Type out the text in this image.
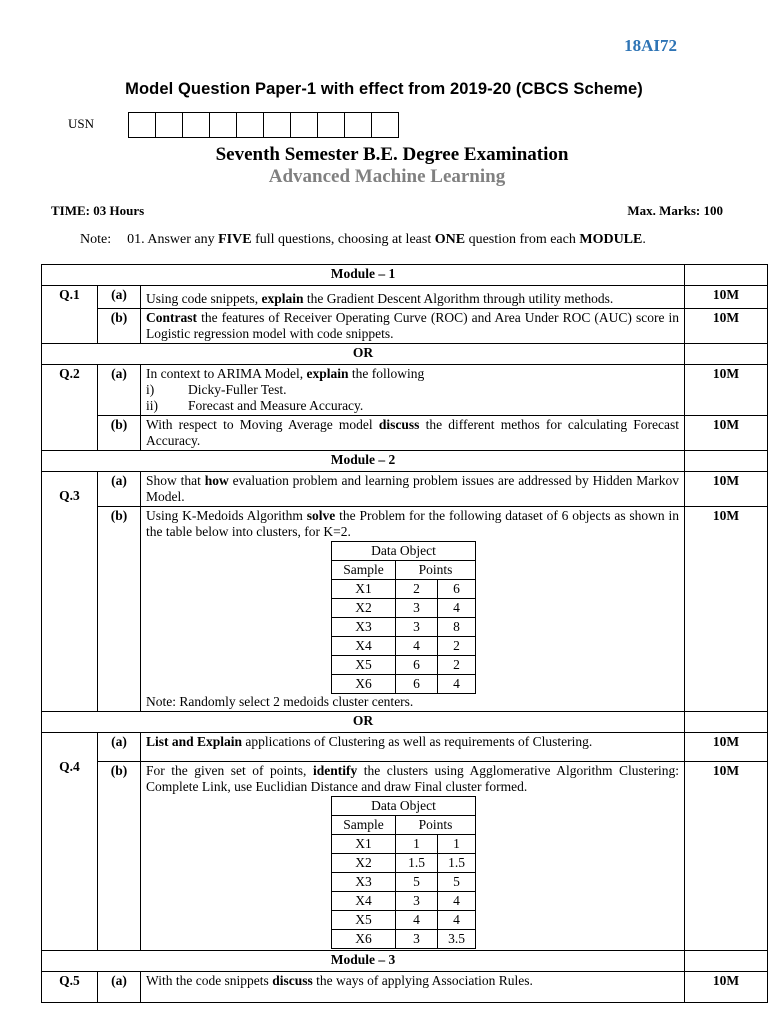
18AI72
Model Question Paper-1 with effect from 2019-20 (CBCS Scheme)
USN
Seventh Semester B.E. Degree Examination
Advanced Machine Learning
TIME: 03 Hours	Max. Marks: 100
Note: 01. Answer any FIVE full questions, choosing at least ONE question from each MODULE.
Module – 1	
Q.1	(a)	Using code snippets, explain the Gradient Descent Algorithm through utility methods.	10M
(b)	Contrast the features of Receiver Operating Curve (ROC) and Area Under ROC (AUC) score in Logistic regression model with code snippets.	10M
OR	
Q.2	(a)	In context to ARIMA Model, explain the following
i)	Dicky-Fuller Test.
ii)	Forecast and Measure Accuracy.
	10M
(b)	With respect to Moving Average model discuss the different methos for calculating Forecast Accuracy.	10M
Module – 2	
Q.3	(a)	Show that how evaluation problem and learning problem issues are addressed by Hidden Markov Model.	10M
(b)	Using K-Medoids Algorithm solve the Problem for the following dataset of 6 objects as shown in the table below into clusters, for K=2.
Data Object
Sample	Points
X1	2	6
X2	3	4
X3	3	8
X4	4	2
X5	6	2
X6	6	4
Note: Randomly select 2 medoids cluster centers.
	10M
OR	
Q.4	(a)	List and Explain applications of Clustering as well as requirements of Clustering.	10M
(b)	For the given set of points, identify the clusters using Agglomerative Algorithm Clustering: Complete Link, use Euclidian Distance and draw Final cluster formed.
Data Object
Sample	Points
X1	1	1
X2	1.5	1.5
X3	5	5
X4	3	4
X5	4	4
X6	3	3.5
	10M
Module – 3	
Q.5	(a)	With the code snippets discuss the ways of applying Association Rules.	10M
